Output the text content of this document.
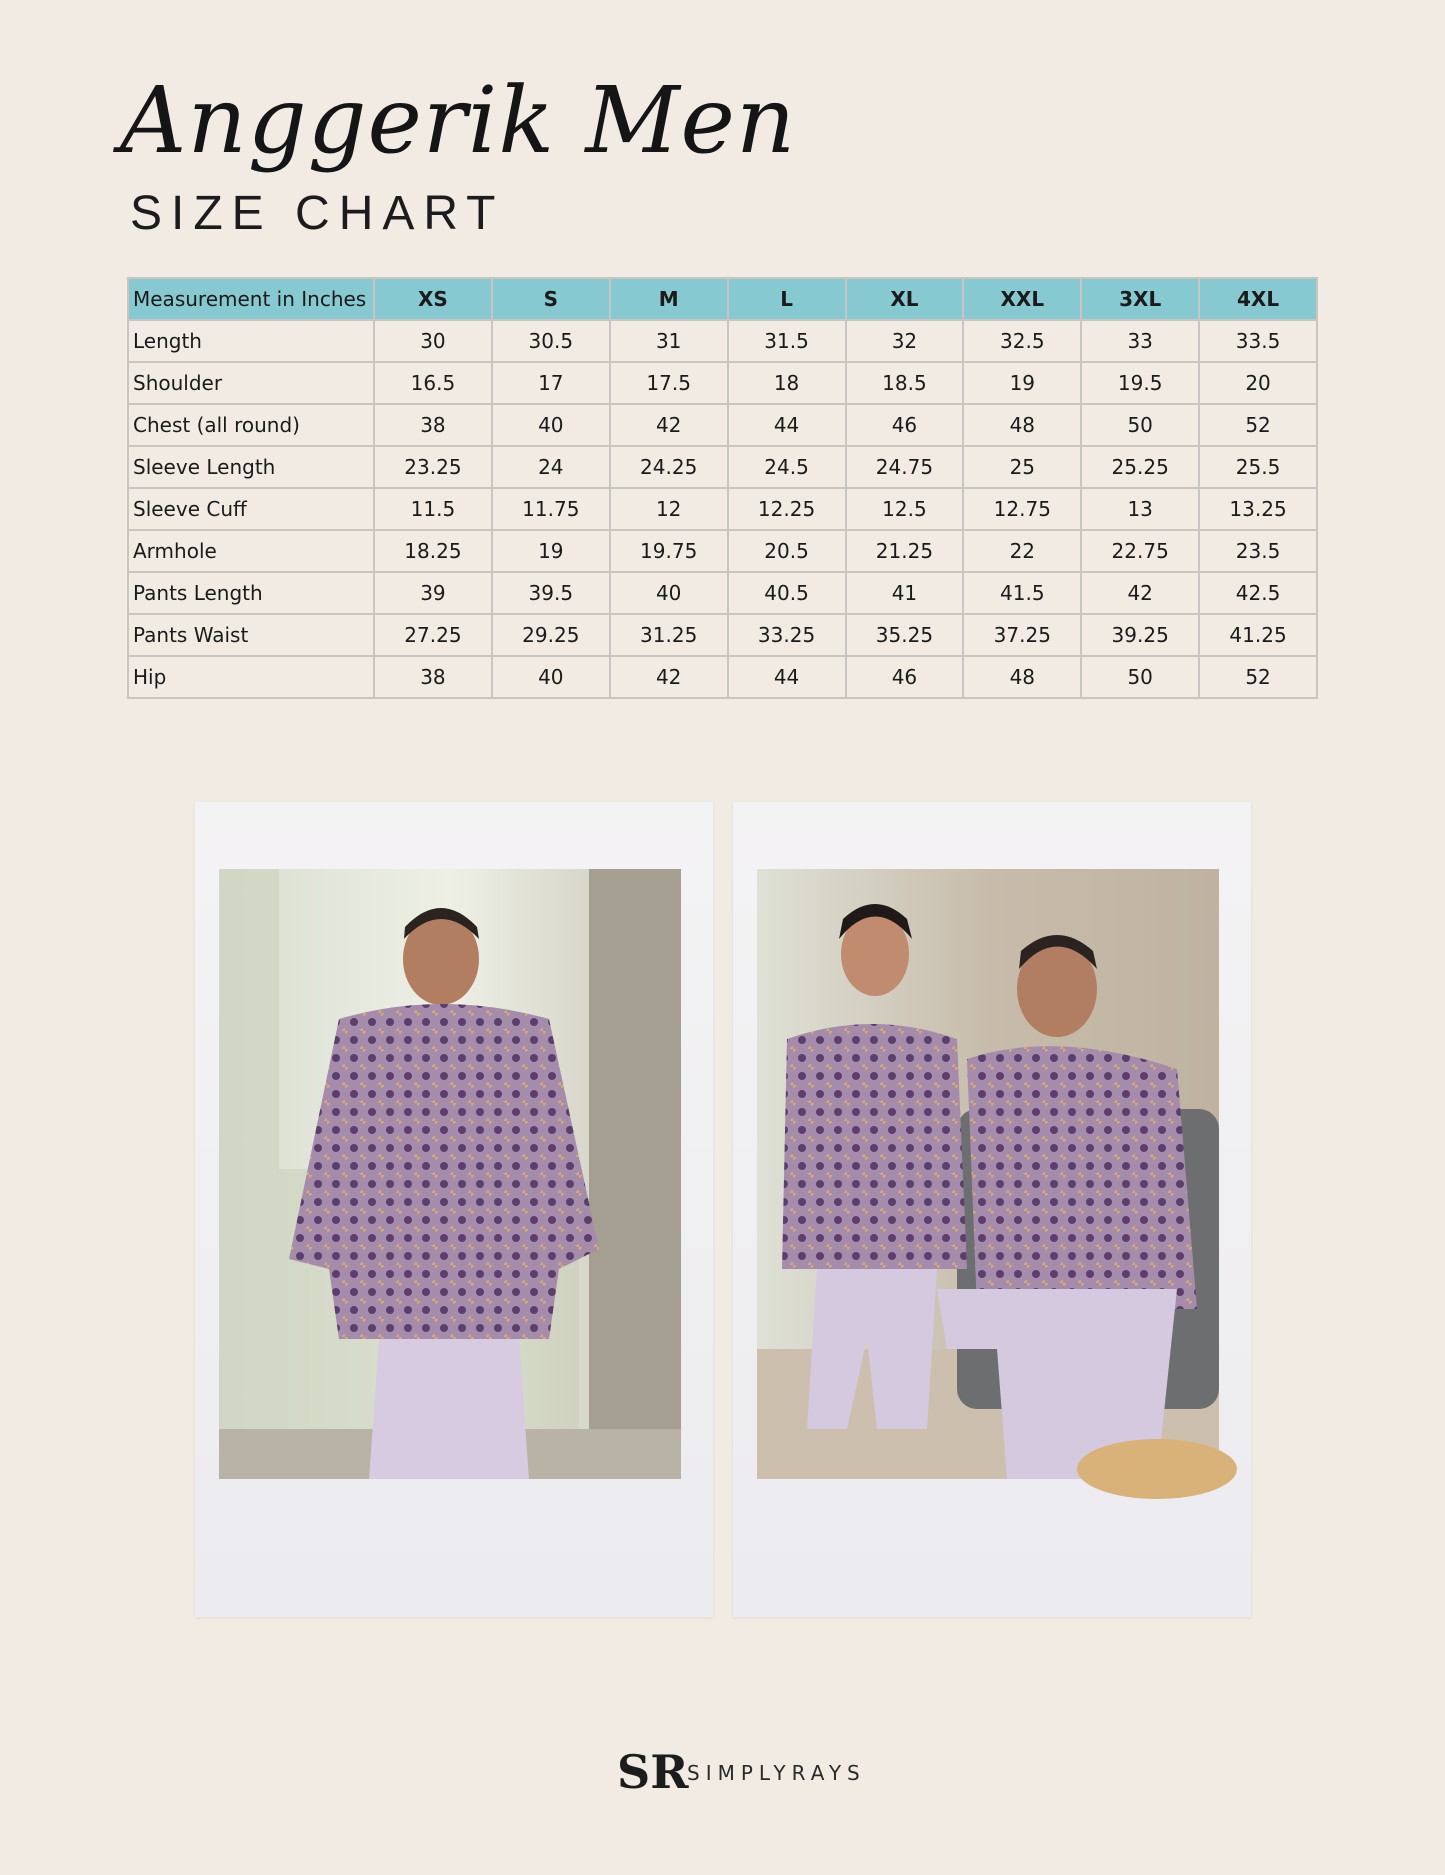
Anggerik Men
SIZE CHART
Measurement in Inches	XS	S	M	L	XL	XXL	3XL	4XL
Length	30	30.5	31	31.5	32	32.5	33	33.5
Shoulder	16.5	17	17.5	18	18.5	19	19.5	20
Chest (all round)	38	40	42	44	46	48	50	52
Sleeve Length	23.25	24	24.25	24.5	24.75	25	25.25	25.5
Sleeve Cuff	11.5	11.75	12	12.25	12.5	12.75	13	13.25
Armhole	18.25	19	19.75	20.5	21.25	22	22.75	23.5
Pants Length	39	39.5	40	40.5	41	41.5	42	42.5
Pants Waist	27.25	29.25	31.25	33.25	35.25	37.25	39.25	41.25
Hip	38	40	42	44	46	48	50	52
SR
SIMPLYRAYS
